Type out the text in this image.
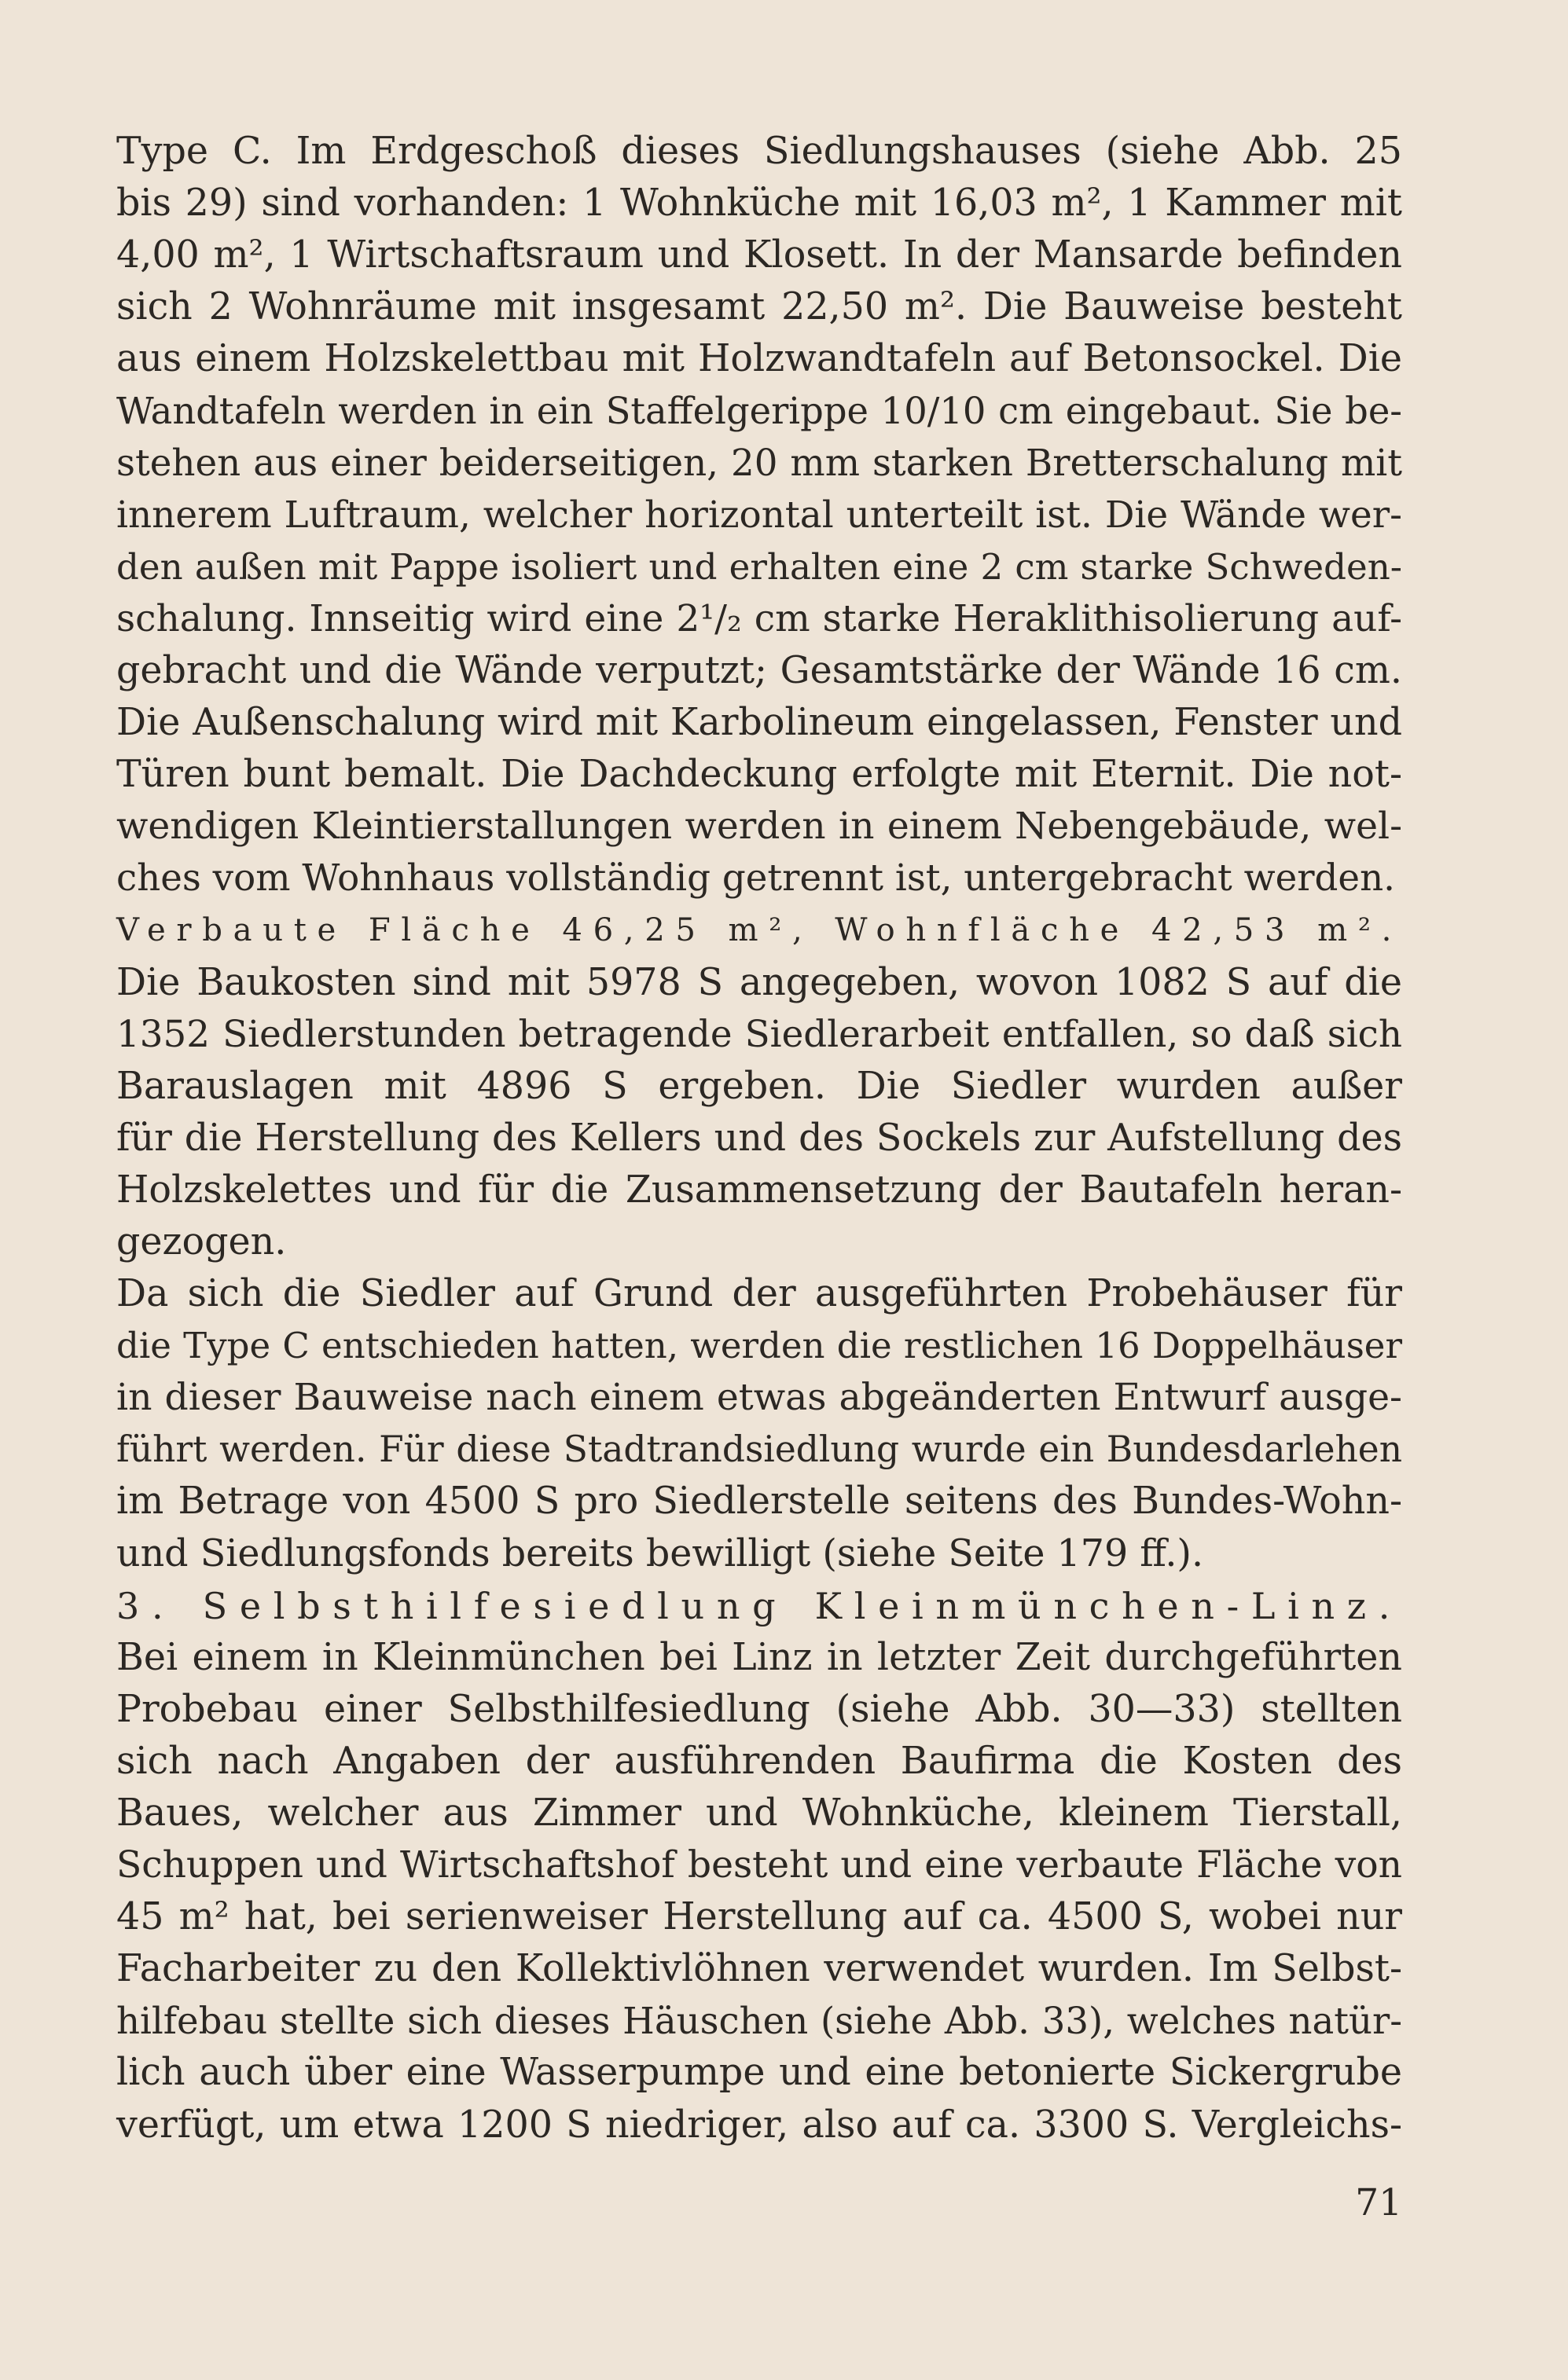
Type C. Im Erdgeschoß dieses Siedlungshauses (siehe Abb. 25
bis 29) sind vorhanden: 1 Wohnküche mit 16,03 m², 1 Kammer mit
4,00 m², 1 Wirtschaftsraum und Klosett. In der Mansarde befinden
sich 2 Wohnräume mit insgesamt 22,50 m². Die Bauweise besteht
aus einem Holzskelettbau mit Holzwandtafeln auf Betonsockel. Die
Wandtafeln werden in ein Staffelgerippe 10/10 cm eingebaut. Sie be-
stehen aus einer beiderseitigen, 20 mm starken Bretterschalung mit
innerem Luftraum, welcher horizontal unterteilt ist. Die Wände wer-
den außen mit Pappe isoliert und erhalten eine 2 cm starke Schweden-
schalung. Innseitig wird eine 2¹/₂ cm starke Heraklithisolierung auf-
gebracht und die Wände verputzt; Gesamtstärke der Wände 16 cm.
Die Außenschalung wird mit Karbolineum eingelassen, Fenster und
Türen bunt bemalt. Die Dachdeckung erfolgte mit Eternit. Die not-
wendigen Kleintierstallungen werden in einem Nebengebäude, wel-
ches vom Wohnhaus vollständig getrennt ist, untergebracht werden.
Verbaute Fläche 46,25 m², Wohnfläche 42,53 m².
Die Baukosten sind mit 5978 S angegeben, wovon 1082 S auf die
1352 Siedlerstunden betragende Siedlerarbeit entfallen, so daß sich
Barauslagen mit 4896 S ergeben. Die Siedler wurden außer
für die Herstellung des Kellers und des Sockels zur Aufstellung des
Holzskelettes und für die Zusammensetzung der Bautafeln heran-
gezogen.
Da sich die Siedler auf Grund der ausgeführten Probehäuser für
die Type C entschieden hatten, werden die restlichen 16 Doppelhäuser
in dieser Bauweise nach einem etwas abgeänderten Entwurf ausge-
führt werden. Für diese Stadtrandsiedlung wurde ein Bundesdarlehen
im Betrage von 4500 S pro Siedlerstelle seitens des Bundes-Wohn-
und Siedlungsfonds bereits bewilligt (siehe Seite 179 ff.).
3. Selbsthilfesiedlung Kleinmünchen-Linz.
Bei einem in Kleinmünchen bei Linz in letzter Zeit durchgeführten
Probebau einer Selbsthilfesiedlung (siehe Abb. 30—33) stellten
sich nach Angaben der ausführenden Baufirma die Kosten des
Baues, welcher aus Zimmer und Wohnküche, kleinem Tierstall,
Schuppen und Wirtschaftshof besteht und eine verbaute Fläche von
45 m² hat, bei serienweiser Herstellung auf ca. 4500 S, wobei nur
Facharbeiter zu den Kollektivlöhnen verwendet wurden. Im Selbst-
hilfebau stellte sich dieses Häuschen (siehe Abb. 33), welches natür-
lich auch über eine Wasserpumpe und eine betonierte Sickergrube
verfügt, um etwa 1200 S niedriger, also auf ca. 3300 S. Vergleichs-
71
